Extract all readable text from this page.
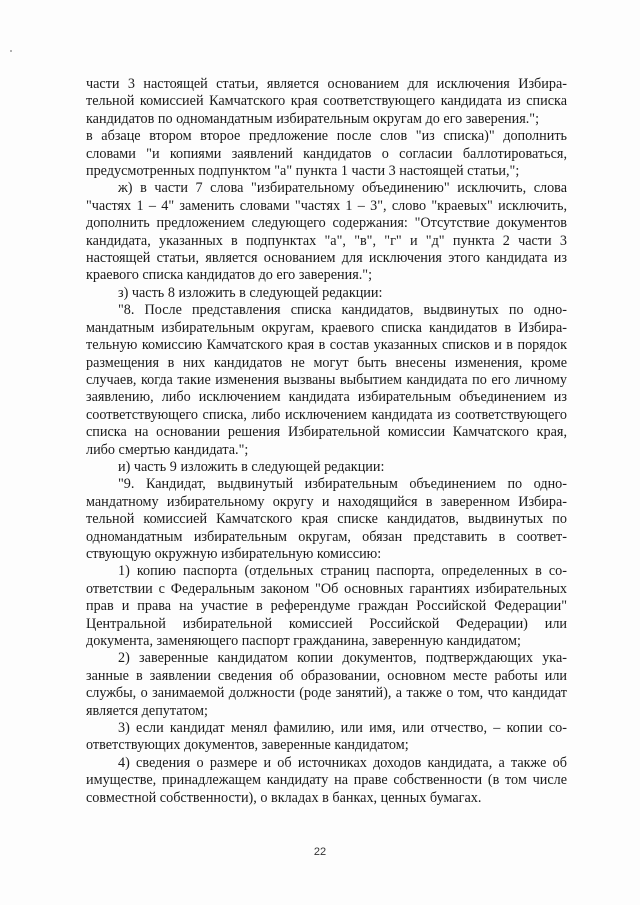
части 3 настоящей статьи, является основанием для исключения Избирательной комиссией Камчатского края соответствующего кандидата из списка кандидатов по одномандатным избирательным округам до его заверения.";

в абзаце втором второе предложение после слов "из списка)" дополнить словами "и копиями заявлений кандидатов о согласии баллотироваться, предусмотренных подпунктом "а" пункта 1 части 3 настоящей статьи,";

ж) в части 7 слова "избирательному объединению" исключить, слова "частях 1 – 4" заменить словами "частях 1 – 3", слово "краевых" исключить, дополнить предложением следующего содержания: "Отсутствие документов кандидата, указанных в подпунктах "а", "в", "г" и "д" пункта 2 части 3 настоящей статьи, является основанием для исключения этого кандидата из краевого списка кандидатов до его заверения.";

з) часть 8 изложить в следующей редакции:

"8. После представления списка кандидатов, выдвинутых по одномандатным избирательным округам, краевого списка кандидатов в Избирательную комиссию Камчатского края в состав указанных списков и в порядок размещения в них кандидатов не могут быть внесены изменения, кроме случаев, когда такие изменения вызваны выбытием кандидата по его личному заявлению, либо исключением кандидата избирательным объединением из соответствующего списка, либо исключением кандидата из соответствующего списка на основании решения Избирательной комиссии Камчатского края, либо смертью кандидата.";

и) часть 9 изложить в следующей редакции:

"9. Кандидат, выдвинутый избирательным объединением по одномандатному избирательному округу и находящийся в заверенном Избирательной комиссией Камчатского края списке кандидатов, выдвинутых по одномандатным избирательным округам, обязан представить в соответствующую окружную избирательную комиссию:

1) копию паспорта (отдельных страниц паспорта, определенных в соответствии с Федеральным законом "Об основных гарантиях избирательных прав и права на участие в референдуме граждан Российской Федерации" Центральной избирательной комиссией Российской Федерации) или документа, заменяющего паспорт гражданина, заверенную кандидатом;

2) заверенные кандидатом копии документов, подтверждающих указанные в заявлении сведения об образовании, основном месте работы или службы, о занимаемой должности (роде занятий), а также о том, что кандидат является депутатом;

3) если кандидат менял фамилию, или имя, или отчество, – копии соответствующих документов, заверенные кандидатом;

4) сведения о размере и об источниках доходов кандидата, а также об имуществе, принадлежащем кандидату на праве собственности (в том числе совместной собственности), о вкладах в банках, ценных бумагах.

22
